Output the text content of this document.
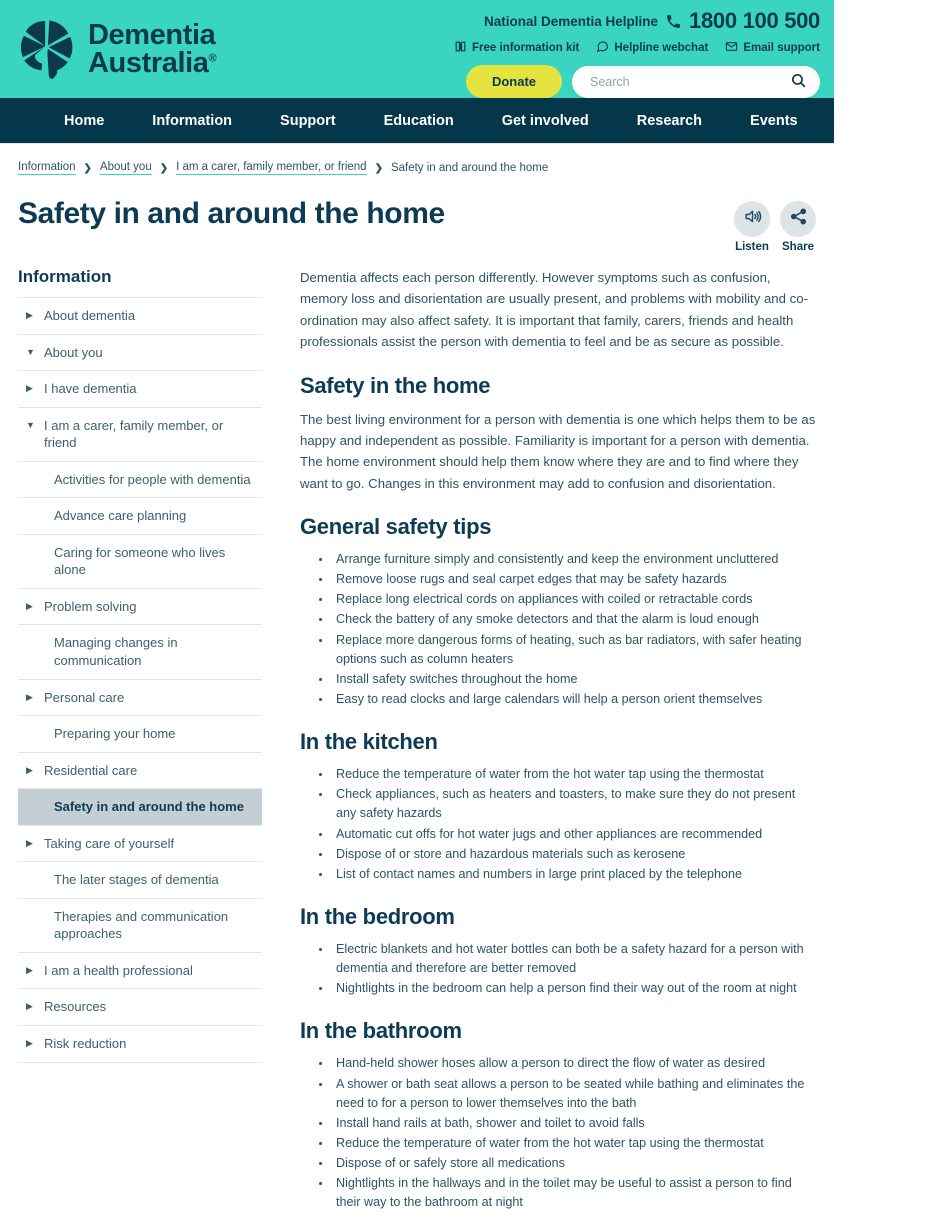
Dementia
Australia®
National Dementia Helpline 1800 100 500
Free information kit	Helpline webchat	Email support
Donate
Search
Home	Information	Support	Education	Get involved	Research	Events	About us
Information ❯ About you ❯ I am a carer, family member, or friend ❯ Safety in and around the home
Safety in and around the home
Listen Share
Information
▶ About dementia
▼ About you
▶ I have dementia
▼ I am a carer, family member, or friend
Activities for people with dementia
Advance care planning
Caring for someone who lives alone
▶ Problem solving
Managing changes in communication
▶ Personal care
Preparing your home
▶ Residential care
Safety in and around the home
▶ Taking care of yourself
The later stages of dementia
Therapies and communication approaches
▶ I am a health professional
▶ Resources
▶ Risk reduction

Dementia affects each person differently. However symptoms such as confusion, memory loss and disorientation are usually present, and problems with mobility and co-ordination may also affect safety. It is important that family, carers, friends and health professionals assist the person with dementia to feel and be as secure as possible.

Safety in the home

The best living environment for a person with dementia is one which helps them to be as happy and independent as possible. Familiarity is important for a person with dementia. The home environment should help them know where they are and to find where they want to go. Changes in this environment may add to confusion and disorientation.

General safety tips
• Arrange furniture simply and consistently and keep the environment uncluttered
• Remove loose rugs and seal carpet edges that may be safety hazards
• Replace long electrical cords on appliances with coiled or retractable cords
• Check the battery of any smoke detectors and that the alarm is loud enough
• Replace more dangerous forms of heating, such as bar radiators, with safer heating options such as column heaters
• Install safety switches throughout the home
• Easy to read clocks and large calendars will help a person orient themselves
In the kitchen
• Reduce the temperature of water from the hot water tap using the thermostat
• Check appliances, such as heaters and toasters, to make sure they do not present any safety hazards
• Automatic cut offs for hot water jugs and other appliances are recommended
• Dispose of or store and hazardous materials such as kerosene
• List of contact names and numbers in large print placed by the telephone
In the bedroom
• Electric blankets and hot water bottles can both be a safety hazard for a person with dementia and therefore are better removed
• Nightlights in the bedroom can help a person find their way out of the room at night
In the bathroom
• Hand-held shower hoses allow a person to direct the flow of water as desired
• A shower or bath seat allows a person to be seated while bathing and eliminates the need to for a person to lower themselves into the bath
• Install hand rails at bath, shower and toilet to avoid falls
• Reduce the temperature of water from the hot water tap using the thermostat
• Dispose of or safely store all medications
• Nightlights in the hallways and in the toilet may be useful to assist a person to find their way to the bathroom at night
